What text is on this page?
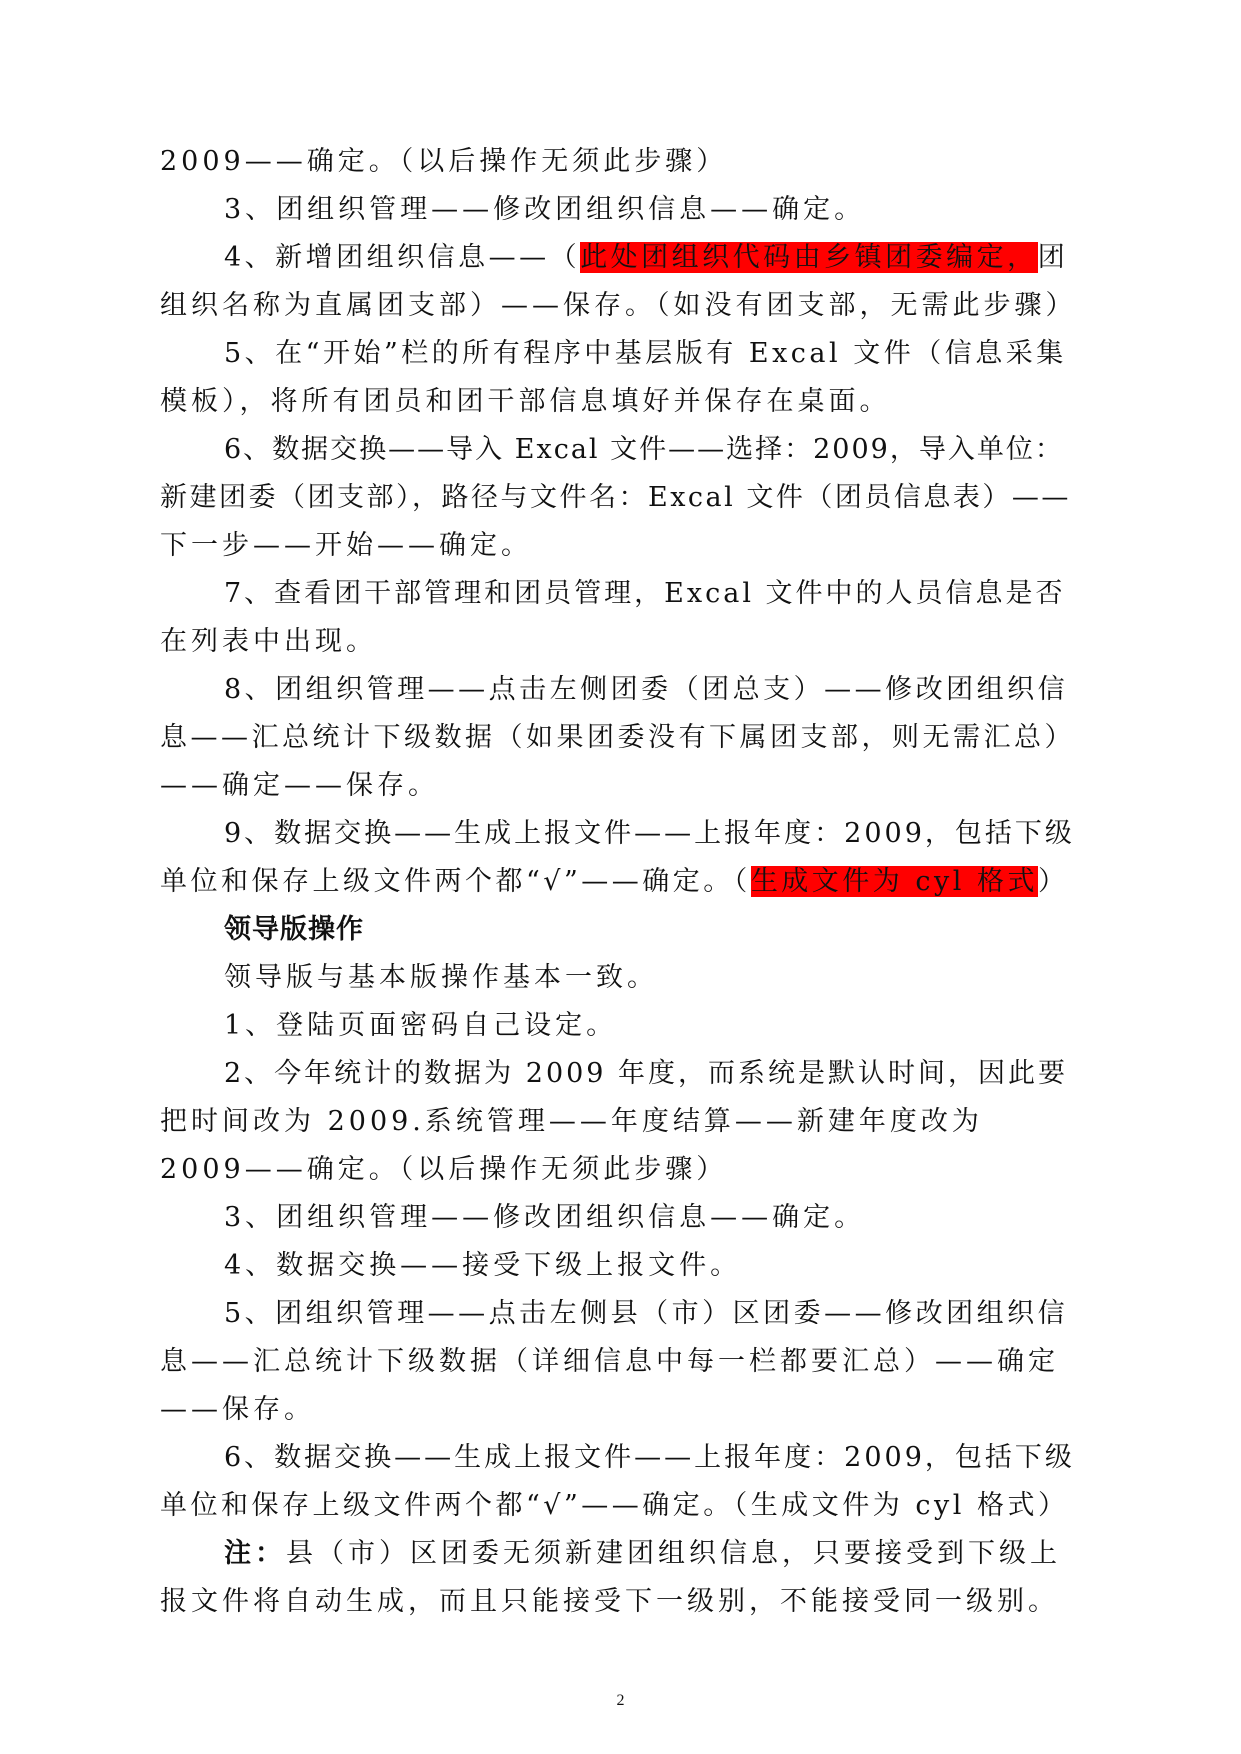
2009——确定。（以后操作无须此步骤）
3、团组织管理——修改团组织信息——确定。
4、新增团组织信息——（此处团组织代码由乡镇团委编定，团
组织名称为直属团支部）——保存。（如没有团支部，无需此步骤）
5、在“开始”栏的所有程序中基层版有 Excal 文件（信息采集
模板），将所有团员和团干部信息填好并保存在桌面。
6、数据交换——导入 Excal 文件——选择：2009，导入单位：
新建团委（团支部），路径与文件名：Excal 文件（团员信息表）——
下一步——开始——确定。
7、查看团干部管理和团员管理，Excal 文件中的人员信息是否
在列表中出现。
8、团组织管理——点击左侧团委（团总支）——修改团组织信
息——汇总统计下级数据（如果团委没有下属团支部，则无需汇总）
——确定——保存。
9、数据交换——生成上报文件——上报年度：2009，包括下级
单位和保存上级文件两个都“√”——确定。（生成文件为 cyl 格式）
领导版操作
领导版与基本版操作基本一致。
1、登陆页面密码自己设定。
2、今年统计的数据为 2009 年度，而系统是默认时间，因此要
把时间改为 2009.系统管理——年度结算——新建年度改为
2009——确定。（以后操作无须此步骤）
3、团组织管理——修改团组织信息——确定。
4、数据交换——接受下级上报文件。
5、团组织管理——点击左侧县（市）区团委——修改团组织信
息——汇总统计下级数据（详细信息中每一栏都要汇总）——确定
——保存。
6、数据交换——生成上报文件——上报年度：2009，包括下级
单位和保存上级文件两个都“√”——确定。（生成文件为 cyl 格式）
注：县（市）区团委无须新建团组织信息，只要接受到下级上
报文件将自动生成，而且只能接受下一级别，不能接受同一级别。
2
